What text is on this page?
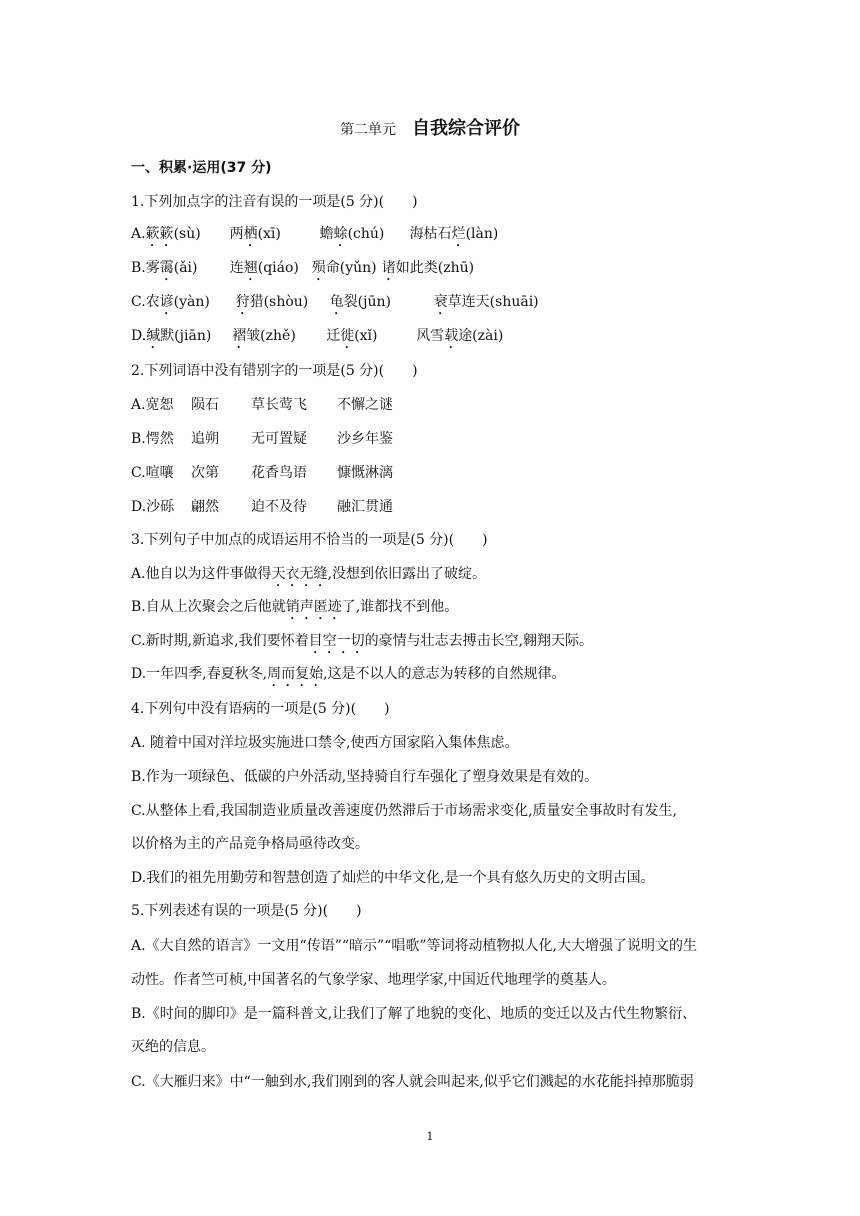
第二单元 自我综合评价
一、积累·运用(37 分)
1.下列加点字的注音有误的一项是(5 分)(　　)
A.簌簌(sù) 两栖(xī)	蟾蜍(chú) 海枯石烂(làn)
B.雾霭(ǎi) 连翘(qiáo) 殒命(yǔn) 诸如此类(zhū)
C.农谚(yàn) 狩猎(shòu) 龟裂(jūn)	衰草连天(shuāi)
D.缄默(jiān) 褶皱(zhě) 迁徙(xǐ)	风雪载途(zài)
2.下列词语中没有错别字的一项是(5 分)(　　)
A.宽恕 陨石 草长莺飞 不懈之谜
B.愕然 追朔 无可置疑 沙乡年鉴
C.喧嚷 次第 花香鸟语 慷慨淋漓
D.沙砾 翩然 迫不及待 融汇贯通
3.下列句子中加点的成语运用不恰当的一项是(5 分)(　　)
A.他自以为这件事做得天衣无缝,没想到依旧露出了破绽。
B.自从上次聚会之后他就销声匿迹了,谁都找不到他。
C.新时期,新追求,我们要怀着目空一切的豪情与壮志去搏击长空,翱翔天际。
D.一年四季,春夏秋冬,周而复始,这是不以人的意志为转移的自然规律。
4.下列句中没有语病的一项是(5 分)(　　)
A. 随着中国对洋垃圾实施进口禁令,使西方国家陷入集体焦虑。
B.作为一项绿色、低碳的户外活动,坚持骑自行车强化了塑身效果是有效的。
C.从整体上看,我国制造业质量改善速度仍然滞后于市场需求变化,质量安全事故时有发生,
以价格为主的产品竞争格局亟待改变。
D.我们的祖先用勤劳和智慧创造了灿烂的中华文化,是一个具有悠久历史的文明古国。
5.下列表述有误的一项是(5 分)(　　)
A.《大自然的语言》一文用“传语”“暗示”“唱歌”等词将动植物拟人化,大大增强了说明文的生
动性。作者竺可桢,中国著名的气象学家、地理学家,中国近代地理学的奠基人。
B.《时间的脚印》是一篇科普文,让我们了解了地貌的变化、地质的变迁以及古代生物繁衍、
灭绝的信息。
C.《大雁归来》中“一触到水,我们刚到的客人就会叫起来,似乎它们溅起的水花能抖掉那脆弱
1
